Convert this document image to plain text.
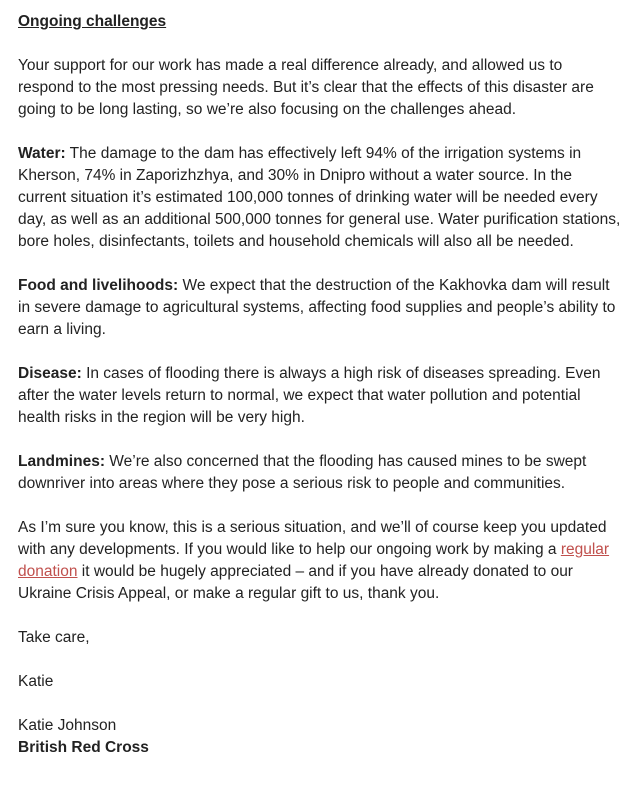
Ongoing challenges

Your support for our work has made a real difference already, and allowed us to respond to the most pressing needs. But it’s clear that the effects of this disaster are going to be long lasting, so we’re also focusing on the challenges ahead.

Water: The damage to the dam has effectively left 94% of the irrigation systems in Kherson, 74% in Zaporizhzhya, and 30% in Dnipro without a water source. In the current situation it’s estimated 100,000 tonnes of drinking water will be needed every day, as well as an additional 500,000 tonnes for general use. Water purification stations, bore holes, disinfectants, toilets and household chemicals will also all be needed.

Food and livelihoods: We expect that the destruction of the Kakhovka dam will result in severe damage to agricultural systems, affecting food supplies and people’s ability to earn a living.

Disease: In cases of flooding there is always a high risk of diseases spreading. Even after the water levels return to normal, we expect that water pollution and potential health risks in the region will be very high.

Landmines: We’re also concerned that the flooding has caused mines to be swept downriver into areas where they pose a serious risk to people and communities.

As I’m sure you know, this is a serious situation, and we’ll of course keep you updated with any developments. If you would like to help our ongoing work by making a regular donation it would be hugely appreciated – and if you have already donated to our Ukraine Crisis Appeal, or make a regular gift to us, thank you.

Take care,

Katie

Katie Johnson
British Red Cross
